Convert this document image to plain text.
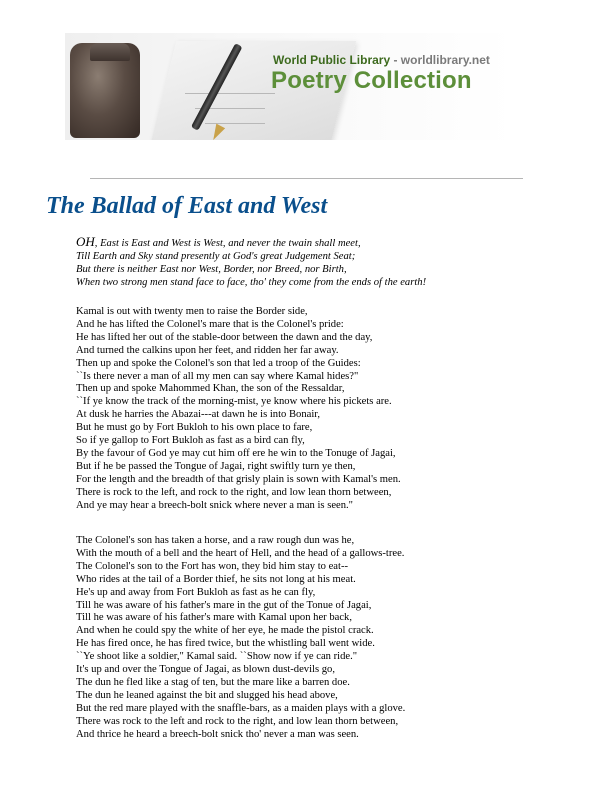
World Public Library - worldlibrary.net
Poetry Collection
The Ballad of East and West
OH, East is East and West is West, and never the twain shall meet,
Till Earth and Sky stand presently at God's great Judgement Seat;
But there is neither East nor West, Border, nor Breed, nor Birth,
When two strong men stand face to face, tho' they come from the ends of the earth!
Kamal is out with twenty men to raise the Border side,
And he has lifted the Colonel's mare that is the Colonel's pride:
He has lifted her out of the stable-door between the dawn and the day,
And turned the calkins upon her feet, and ridden her far away.
Then up and spoke the Colonel's son that led a troop of the Guides:
``Is there never a man of all my men can say where Kamal hides?"
Then up and spoke Mahommed Khan, the son of the Ressaldar,
``If ye know the track of the morning-mist, ye know where his pickets are.
At dusk he harries the Abazai---at dawn he is into Bonair,
But he must go by Fort Bukloh to his own place to fare,
So if ye gallop to Fort Bukloh as fast as a bird can fly,
By the favour of God ye may cut him off ere he win to the Tonuge of Jagai,
But if he be passed the Tongue of Jagai, right swiftly turn ye then,
For the length and the breadth of that grisly plain is sown with Kamal's men.
There is rock to the left, and rock to the right, and low lean thorn between,
And ye may hear a breech-bolt snick where never a man is seen."
The Colonel's son has taken a horse, and a raw rough dun was he,
With the mouth of a bell and the heart of Hell, and the head of a gallows-tree.
The Colonel's son to the Fort has won, they bid him stay to eat--
Who rides at the tail of a Border thief, he sits not long at his meat.
He's up and away from Fort Bukloh as fast as he can fly,
Till he was aware of his father's mare in the gut of the Tonue of Jagai,
Till he was aware of his father's mare with Kamal upon her back,
And when he could spy the white of her eye, he made the pistol crack.
He has fired once, he has fired twice, but the whistling ball went wide.
``Ye shoot like a soldier," Kamal said. ``Show now if ye can ride."
It's up and over the Tongue of Jagai, as blown dust-devils go,
The dun he fled like a stag of ten, but the mare like a barren doe.
The dun he leaned against the bit and slugged his head above,
But the red mare played with the snaffle-bars, as a maiden plays with a glove.
There was rock to the left and rock to the right, and low lean thorn between,
And thrice he heard a breech-bolt snick tho' never a man was seen.
